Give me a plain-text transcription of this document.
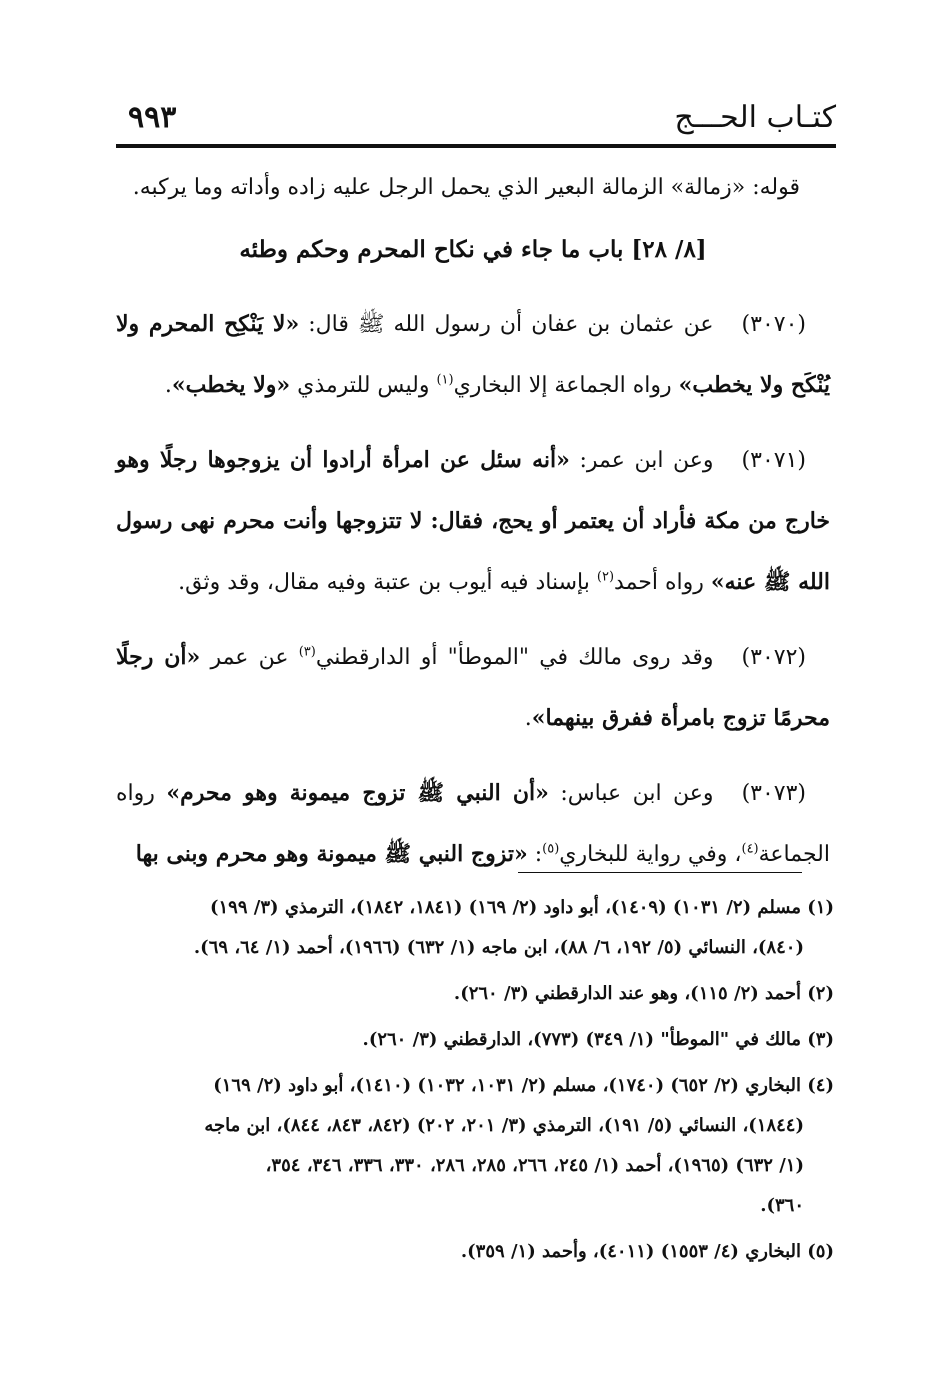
كتـاب الحـــج
٩٩٣

قوله: «زمالة» الزمالة البعير الذي يحمل الرجل عليه زاده وأداته وما يركبه.

[٨/ ٢٨] باب ما جاء في نكاح المحرم وحكم وطئه

(٣٠٧٠)عن عثمان بن عفان أن رسول الله ﷺ قال: «لا يَنْكِح المحرم ولا يُنْكَح ولا يخطب» رواه الجماعة إلا البخاري$^{(١)}$ وليس للترمذي «ولا يخطب».

(٣٠٧١)وعن ابن عمر: «أنه سئل عن امرأة أرادوا أن يزوجوها رجلًا وهو خارج من مكة فأراد أن يعتمر أو يحج، فقال: لا تتزوجها وأنت محرم نهى رسول الله ﷺ عنه» رواه أحمد$^{(٢)}$ بإسناد فيه أيوب بن عتبة وفيه مقال، وقد وثق.

(٣٠٧٢)وقد روى مالك في "الموطأ" أو الدارقطني$^{(٣)}$ عن عمر «أن رجلًا محرمًا تزوج بامرأة ففرق بينهما».

(٣٠٧٣)وعن ابن عباس: «أن النبي ﷺ تزوج ميمونة وهو محرم» رواه الجماعة$^{(٤)}$، وفي رواية للبخاري$^{(٥)}$: «تزوج النبي ﷺ ميمونة وهو محرم وبنى بها

(١) مسلم (٢/ ١٠٣١) (١٤٠٩)، أبو داود (٢/ ١٦٩) (١٨٤١، ١٨٤٢)، الترمذي (٣/ ١٩٩)
(٨٤٠)، النسائي (٥/ ١٩٢، ٦/ ٨٨)، ابن ماجه (١/ ٦٣٢) (١٩٦٦)، أحمد (١/ ٦٤، ٦٩).

(٢) أحمد (٢/ ١١٥)، وهو عند الدارقطني (٣/ ٢٦٠).

(٣) مالك في "الموطأ" (١/ ٣٤٩) (٧٧٣)، الدارقطني (٣/ ٢٦٠).

(٤) البخاري (٢/ ٦٥٢) (١٧٤٠)، مسلم (٢/ ١٠٣١، ١٠٣٢) (١٤١٠)، أبو داود (٢/ ١٦٩)
(١٨٤٤)، النسائي (٥/ ١٩١)، الترمذي (٣/ ٢٠١، ٢٠٢) (٨٤٢، ٨٤٣، ٨٤٤)، ابن ماجه
(١/ ٦٣٢) (١٩٦٥)، أحمد (١/ ٢٤٥، ٢٦٦، ٢٨٥، ٢٨٦، ٣٣٠، ٣٣٦، ٣٤٦، ٣٥٤،
٣٦٠).

(٥) البخاري (٤/ ١٥٥٣) (٤٠١١)، وأحمد (١/ ٣٥٩).
